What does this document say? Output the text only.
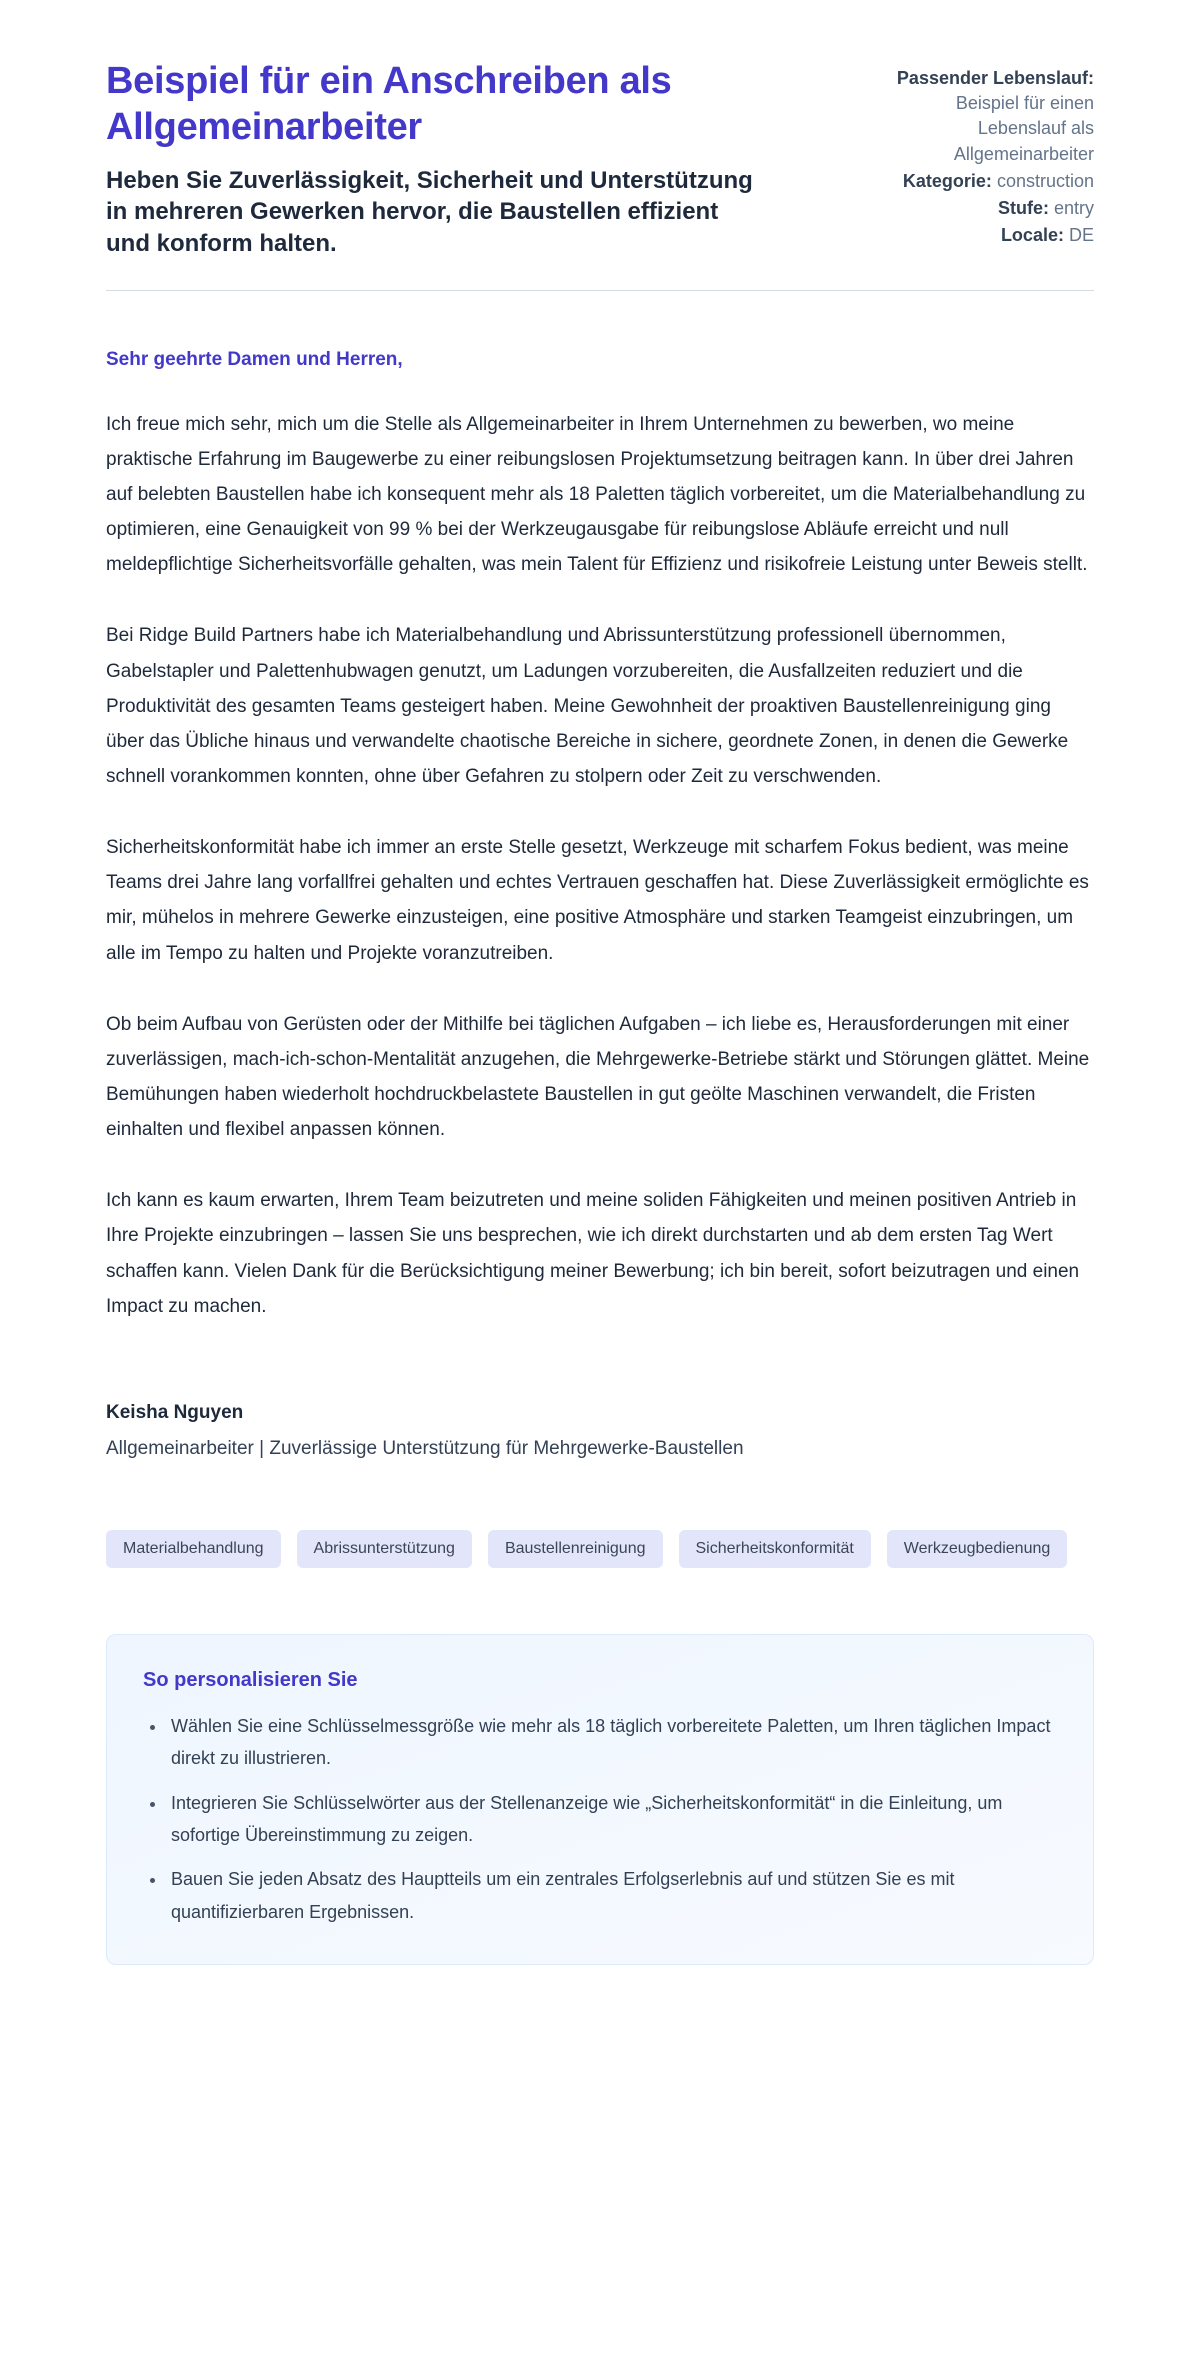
Beispiel für ein Anschreiben als Allgemeinarbeiter

Heben Sie Zuverlässigkeit, Sicherheit und Unterstützung in mehreren Gewerken hervor, die Baustellen effizient und konform halten.

Passender Lebenslauf: Beispiel für einen Lebenslauf als Allgemeinarbeiter
Kategorie: construction
Stufe: entry
Locale: DE

Sehr geehrte Damen und Herren,

Ich freue mich sehr, mich um die Stelle als Allgemeinarbeiter in Ihrem Unternehmen zu bewerben, wo meine praktische Erfahrung im Baugewerbe zu einer reibungslosen Projektumsetzung beitragen kann. In über drei Jahren auf belebten Baustellen habe ich konsequent mehr als 18 Paletten täglich vorbereitet, um die Materialbehandlung zu optimieren, eine Genauigkeit von 99 % bei der Werkzeugausgabe für reibungslose Abläufe erreicht und null meldepflichtige Sicherheitsvorfälle gehalten, was mein Talent für Effizienz und risikofreie Leistung unter Beweis stellt.

Bei Ridge Build Partners habe ich Materialbehandlung und Abrissunterstützung professionell übernommen, Gabelstapler und Palettenhubwagen genutzt, um Ladungen vorzubereiten, die Ausfallzeiten reduziert und die Produktivität des gesamten Teams gesteigert haben. Meine Gewohnheit der proaktiven Baustellenreinigung ging über das Übliche hinaus und verwandelte chaotische Bereiche in sichere, geordnete Zonen, in denen die Gewerke schnell vorankommen konnten, ohne über Gefahren zu stolpern oder Zeit zu verschwenden.

Sicherheitskonformität habe ich immer an erste Stelle gesetzt, Werkzeuge mit scharfem Fokus bedient, was meine Teams drei Jahre lang vorfallfrei gehalten und echtes Vertrauen geschaffen hat. Diese Zuverlässigkeit ermöglichte es mir, mühelos in mehrere Gewerke einzusteigen, eine positive Atmosphäre und starken Teamgeist einzubringen, um alle im Tempo zu halten und Projekte voranzutreiben.

Ob beim Aufbau von Gerüsten oder der Mithilfe bei täglichen Aufgaben – ich liebe es, Herausforderungen mit einer zuverlässigen, mach-ich-schon-Mentalität anzugehen, die Mehrgewerke-Betriebe stärkt und Störungen glättet. Meine Bemühungen haben wiederholt hochdruckbelastete Baustellen in gut geölte Maschinen verwandelt, die Fristen einhalten und flexibel anpassen können.

Ich kann es kaum erwarten, Ihrem Team beizutreten und meine soliden Fähigkeiten und meinen positiven Antrieb in Ihre Projekte einzubringen – lassen Sie uns besprechen, wie ich direkt durchstarten und ab dem ersten Tag Wert schaffen kann. Vielen Dank für die Berücksichtigung meiner Bewerbung; ich bin bereit, sofort beizutragen und einen Impact zu machen.

Keisha Nguyen

Allgemeinarbeiter | Zuverlässige Unterstützung für Mehrgewerke-Baustellen

Materialbehandlung	Abrissunterstützung	Baustellenreinigung	Sicherheitskonformität	Werkzeugbedienung
So personalisieren Sie
• Wählen Sie eine Schlüsselmessgröße wie mehr als 18 täglich vorbereitete Paletten, um Ihren täglichen Impact direkt zu illustrieren.
• Integrieren Sie Schlüsselwörter aus der Stellenanzeige wie „Sicherheitskonformität“ in die Einleitung, um sofortige Übereinstimmung zu zeigen.
• Bauen Sie jeden Absatz des Hauptteils um ein zentrales Erfolgserlebnis auf und stützen Sie es mit quantifizierbaren Ergebnissen.
